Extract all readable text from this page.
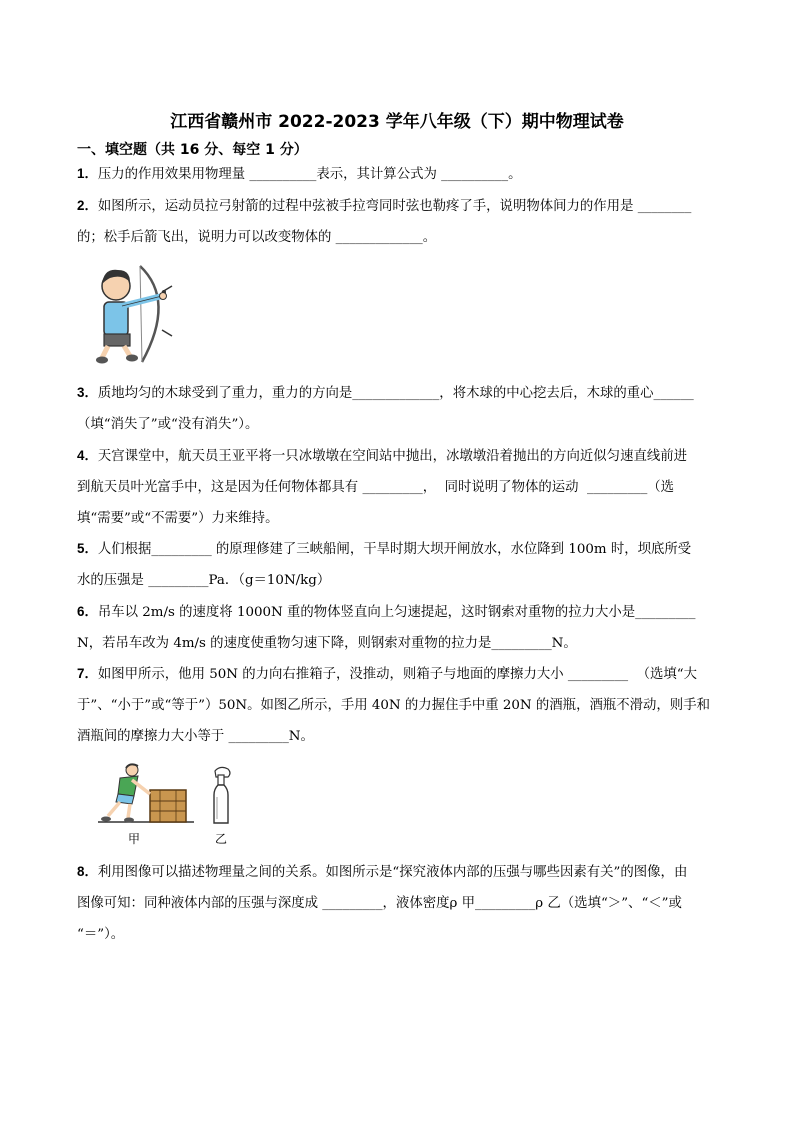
江西省赣州市 2022-2023 学年八年级（下）期中物理试卷
一、填空题（共 16 分、每空 1 分）
1．压力的作用效果用物理量 __________表示，其计算公式为 __________。
2．如图所示，运动员拉弓射箭的过程中弦被手拉弯同时弦也勒疼了手，说明物体间力的作用是 ________
的；松手后箭飞出，说明力可以改变物体的 _____________。
3．质地均匀的木球受到了重力，重力的方向是_____________，将木球的中心挖去后，木球的重心______
（填“消失了”或“没有消失”）。
4．天宫课堂中，航天员王亚平将一只冰墩墩在空间站中抛出，冰墩墩沿着抛出的方向近似匀速直线前进
到航天员叶光富手中，这是因为任何物体都具有 _________，  同时说明了物体的运动  _________（选
填“需要”或“不需要”）力来维持。
5．人们根据_________ 的原理修建了三峡船闸，干旱时期大坝开闸放水，水位降到 100m 时，坝底所受
水的压强是 _________Pa．（g＝10N/kg）
6．吊车以 2m/s 的速度将 1000N 重的物体竖直向上匀速提起，这时钢索对重物的拉力大小是_________
N，若吊车改为 4m/s 的速度使重物匀速下降，则钢索对重物的拉力是_________N。
7．如图甲所示，他用 50N 的力向右推箱子，没推动，则箱子与地面的摩擦力大小 _________  （选填“大
于”、“小于”或“等于”）50N。如图乙所示，手用 40N 的力握住手中重 20N 的酒瓶，酒瓶不滑动，则手和
酒瓶间的摩擦力大小等于 _________N。
甲	乙
8．利用图像可以描述物理量之间的关系。如图所示是“探究液体内部的压强与哪些因素有关”的图像，由
图像可知：同种液体内部的压强与深度成 _________，液体密度ρ 甲_________ρ 乙（选填“＞”、“＜”或
“＝”）。
